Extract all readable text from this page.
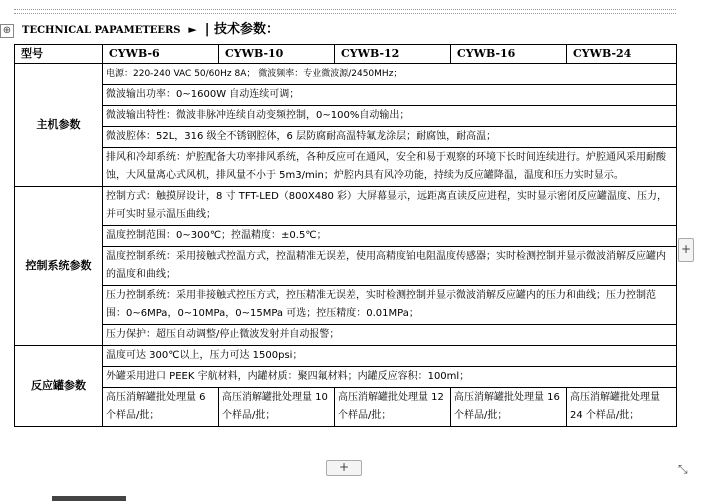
TECHNICAL PAPAMETEERS ► | 技术参数：
⊕
型号	CYWB-6	CYWB-10	CYWB-12	CYWB-16	CYWB-24
主机参数	电源：220-240 VAC 50/60Hz 8A； 微波频率：专业微波源/2450MHz；				
	微波输出功率：0~1600W 自动连续可调；				
	微波输出特性：微波非脉冲连续自动变频控制，0~100%自动输出；				
	微波腔体：52L，316 级全不锈钢腔体，6 层防腐耐高温特氟龙涂层；耐腐蚀，耐高温；				
	排风和冷却系统：炉腔配备大功率排风系统，各种反应可在通风，安全和易于观察的环境下长时间连续进行。炉腔通风采用耐酸蚀，大风量离心式风机，排风量不小于 5m3/min；炉腔内具有风冷功能，持续为反应罐降温，温度和压力实时显示。				
控制系统参数	控制方式：触摸屏设计，8 寸 TFT-LED（800X480 彩）大屏幕显示，远距离直读反应进程，实时显示密闭反应罐温度、压力，并可实时显示温压曲线；				
	温度控制范围：0~300℃；控温精度：±0.5℃；				
	温度控制系统：采用接触式控温方式，控温精准无误差，使用高精度铂电阻温度传感器；实时检测控制并显示微波消解反应罐内的温度和曲线；				
	压力控制系统：采用非接触式控压方式，控压精准无误差，实时检测控制并显示微波消解反应罐内的压力和曲线；压力控制范围：0~6MPa，0~10MPa，0~15MPa 可选；控压精度：0.01MPa；				
	压力保护：超压自动调整/停止微波发射并自动报警；				
反应罐参数	温度可达 300℃以上，压力可达 1500psi；				
	外罐采用进口 PEEK 宇航材料，内罐材质：聚四氟材料；内罐反应容积：100ml；				
	高压消解罐批处理量 6 个样品/批；	高压消解罐批处理量 10 个样品/批；	高压消解罐批处理量 12 个样品/批；	高压消解罐批处理量 16 个样品/批；	高压消解罐批处理量 24 个样品/批；
+
+	⤡
